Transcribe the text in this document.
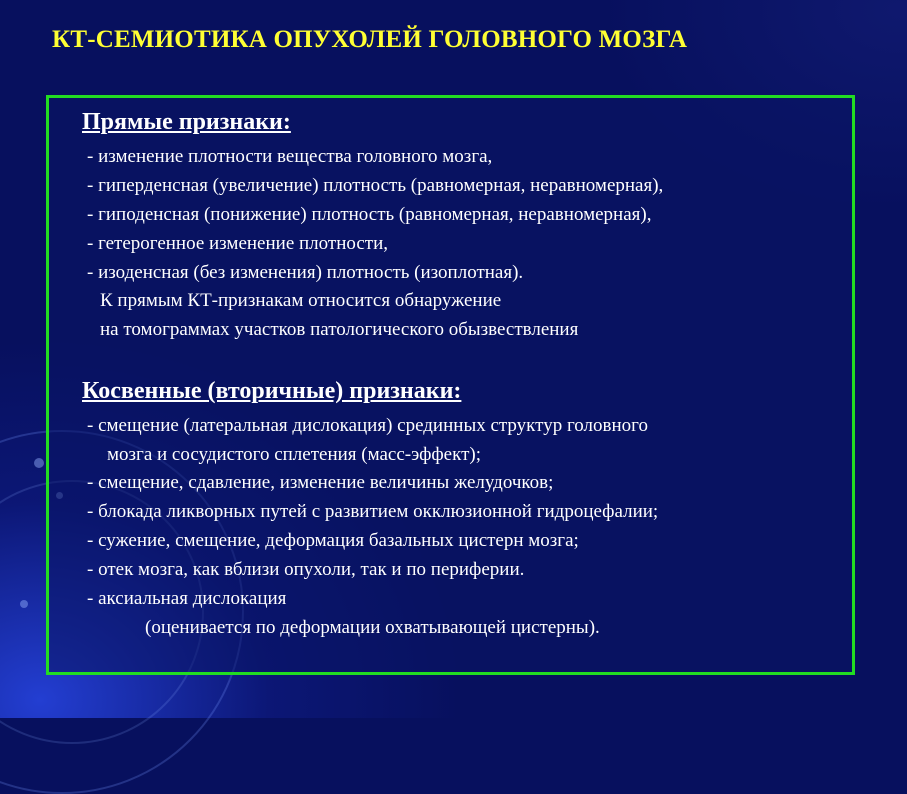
КТ-СЕМИОТИКА ОПУХОЛЕЙ ГОЛОВНОГО МОЗГА
Прямые признаки:
- изменение плотности вещества головного мозга,
- гиперденсная (увеличение) плотность (равномерная, неравномерная),
- гиподенсная (понижение) плотность (равномерная, неравномерная),
- гетерогенное изменение плотности,
- изоденсная (без изменения) плотность (изоплотная).
К прямым КТ-признакам относится обнаружение
на томограммах участков патологического обызвествления
Косвенные (вторичные) признаки:
- смещение (латеральная дислокация) срединных структур головного
мозга и сосудистого сплетения (масс-эффект);
- смещение, сдавление, изменение величины желудочков;
- блокада ликворных путей с развитием окклюзионной гидроцефалии;
- сужение, смещение, деформация базальных цистерн мозга;
- отек мозга, как вблизи опухоли, так и по периферии.
- аксиальная дислокация
(оценивается по деформации охватывающей цистерны).
